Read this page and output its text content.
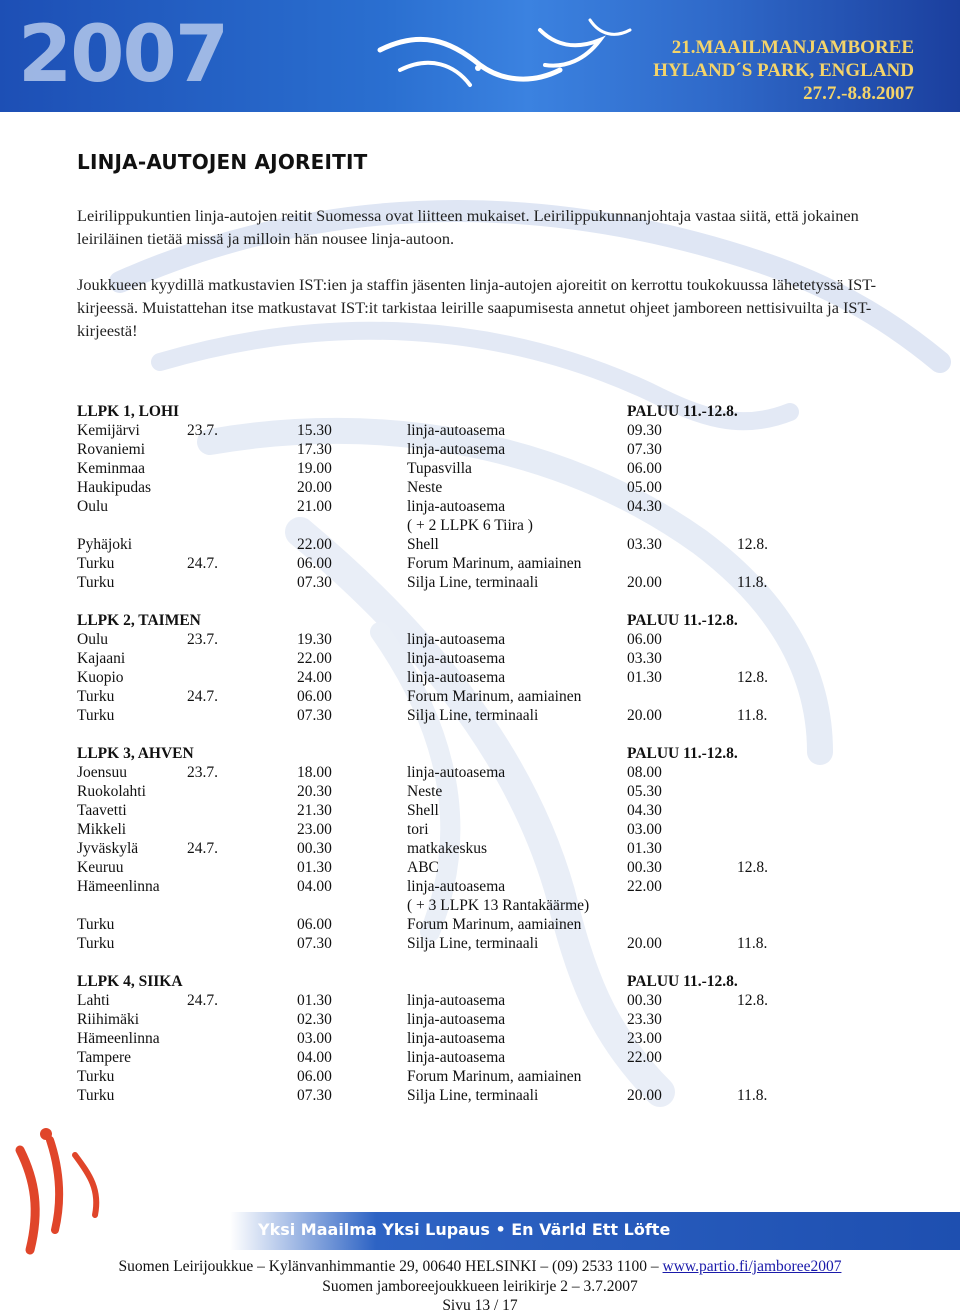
2007	21.MAAILMANJAMBOREE
HYLAND´S PARK, ENGLAND
27.7.-8.8.2007
LINJA-AUTOJEN AJOREITIT

Leirilippukuntien linja-autojen reitit Suomessa ovat liitteen mukaiset. Leirilippukunnanjohtaja vastaa siitä, että jokainen leiriläinen tietää missä ja milloin hän nousee linja-autoon.

Joukkueen kyydillä matkustavien IST:ien ja staffin jäsenten linja-autojen ajoreitit on kerrottu toukokuussa lähetetyssä IST-kirjeessä. Muistattehan itse matkustavat IST:it tarkistaa leirille saapumisesta annetut ohjeet jamboreen nettisivuilta ja IST-kirjeestä!

LLPK 1, LOHI	PALUU 11.-12.8.
Kemijärvi	23.7.	15.30	linja-autoasema	09.30
Rovaniemi	17.30	linja-autoasema	07.30
Keminmaa	19.00	Tupasvilla	06.00
Haukipudas	20.00	Neste	05.00
Oulu	21.00	linja-autoasema	04.30
( + 2 LLPK 6 Tiira )
Pyhäjoki	22.00	Shell	03.30	12.8.
Turku	24.7.	06.00	Forum Marinum, aamiainen
Turku	07.30	Silja Line, terminaali	20.00	11.8.
LLPK 2, TAIMEN	PALUU 11.-12.8.
Oulu	23.7.	19.30	linja-autoasema	06.00
Kajaani	22.00	linja-autoasema	03.30
Kuopio	24.00	linja-autoasema	01.30	12.8.
Turku	24.7.	06.00	Forum Marinum, aamiainen
Turku	07.30	Silja Line, terminaali	20.00	11.8.
LLPK 3, AHVEN	PALUU 11.-12.8.
Joensuu	23.7.	18.00	linja-autoasema	08.00
Ruokolahti	20.30	Neste	05.30
Taavetti	21.30	Shell	04.30
Mikkeli	23.00	tori	03.00
Jyväskylä	24.7.	00.30	matkakeskus	01.30
Keuruu	01.30	ABC	00.30	12.8.
Hämeenlinna	04.00	linja-autoasema	22.00
( + 3 LLPK 13 Rantakäärme)
Turku	06.00	Forum Marinum, aamiainen
Turku	07.30	Silja Line, terminaali	20.00	11.8.
LLPK 4, SIIKA	PALUU 11.-12.8.
Lahti	24.7.	01.30	linja-autoasema	00.30	12.8.
Riihimäki	02.30	linja-autoasema	23.30
Hämeenlinna	03.00	linja-autoasema	23.00
Tampere	04.00	linja-autoasema	22.00
Turku	06.00	Forum Marinum, aamiainen
Turku	07.30	Silja Line, terminaali	20.00	11.8.
Yksi Maailma Yksi Lupaus • En Värld Ett Löfte
Suomen Leirijoukkue – Kylänvanhimmantie 29, 00640 HELSINKI – (09) 2533 1100 – www.partio.fi/jamboree2007
Suomen jamboreejoukkueen leirikirje 2 – 3.7.2007
Sivu 13 / 17
